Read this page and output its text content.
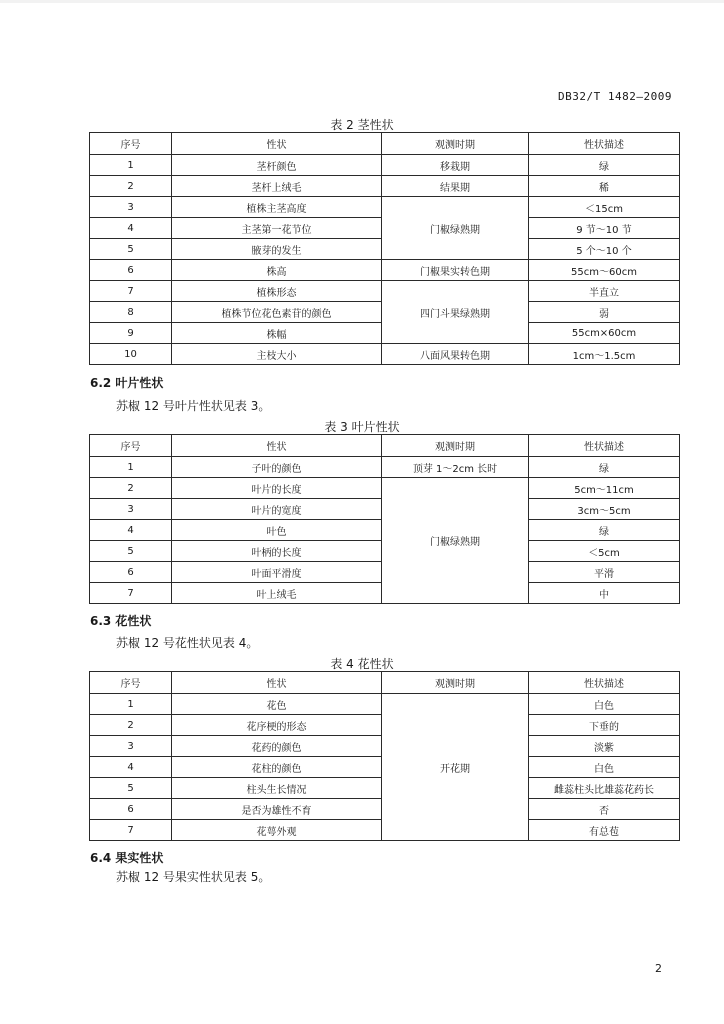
DB32/T 1482—2009
表 2 茎性状
序号	性状	观测时期	性状描述
1	茎杆颜色	移栽期	绿
2	茎杆上绒毛	结果期	稀
3	植株主茎高度	门椒绿熟期	＜15cm
4	主茎第一花节位		9 节～10 节
5	腋芽的发生		5 个～10 个
6	株高	门椒果实转色期	55cm～60cm
7	植株形态	四门斗果绿熟期	半直立
8	植株节位花色素苷的颜色		弱
9	株幅		55cm×60cm
10	主枝大小	八面风果转色期	1cm～1.5cm
6.2 叶片性状
苏椒 12 号叶片性状见表 3。
表 3 叶片性状
序号	性状	观测时期	性状描述
1	子叶的颜色	顶芽 1～2cm 长时	绿
2	叶片的长度	门椒绿熟期	5cm～11cm
3	叶片的宽度		3cm～5cm
4	叶色		绿
5	叶柄的长度		＜5cm
6	叶面平滑度		平滑
7	叶上绒毛		中
6.3 花性状
苏椒 12 号花性状见表 4。
表 4 花性状
序号	性状	观测时期	性状描述
1	花色	开花期	白色
2	花序梗的形态		下垂的
3	花药的颜色		淡紫
4	花柱的颜色		白色
5	柱头生长情况		雌蕊柱头比雄蕊花药长
6	是否为雄性不育		否
7	花萼外观		有总苞
6.4 果实性状
苏椒 12 号果实性状见表 5。
2
